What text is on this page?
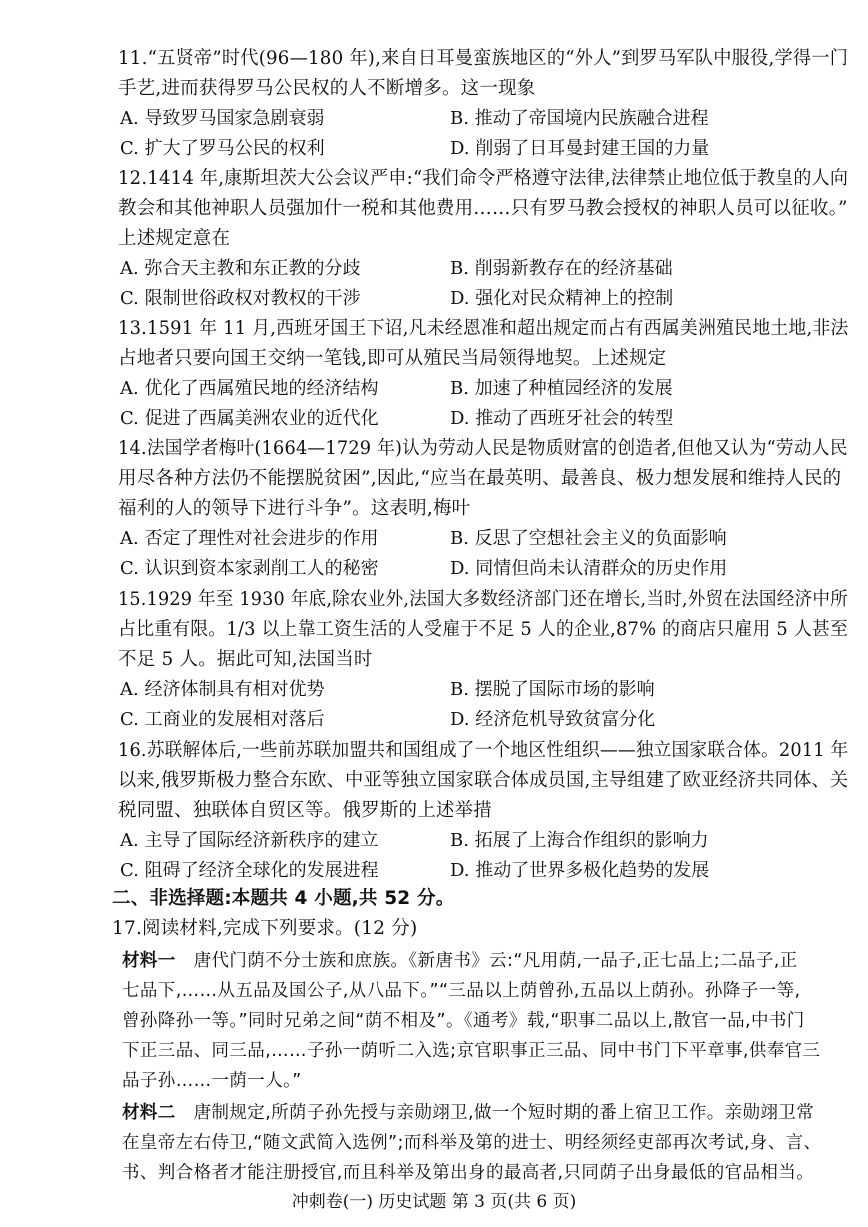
11.“五贤帝”时代(96—180 年),来自日耳曼蛮族地区的“外人”到罗马军队中服役,学得一门
手艺,进而获得罗马公民权的人不断增多。这一现象
A. 导致罗马国家急剧衰弱	B. 推动了帝国境内民族融合进程
C. 扩大了罗马公民的权利	D. 削弱了日耳曼封建王国的力量
12.1414 年,康斯坦茨大公会议严申:“我们命令严格遵守法律,法律禁止地位低于教皇的人向
教会和其他神职人员强加什一税和其他费用……只有罗马教会授权的神职人员可以征收。”
上述规定意在
A. 弥合天主教和东正教的分歧	B. 削弱新教存在的经济基础
C. 限制世俗政权对教权的干涉	D. 强化对民众精神上的控制
13.1591 年 11 月,西班牙国王下诏,凡未经恩准和超出规定而占有西属美洲殖民地土地,非法
占地者只要向国王交纳一笔钱,即可从殖民当局领得地契。上述规定
A. 优化了西属殖民地的经济结构	B. 加速了种植园经济的发展
C. 促进了西属美洲农业的近代化	D. 推动了西班牙社会的转型
14.法国学者梅叶(1664—1729 年)认为劳动人民是物质财富的创造者,但他又认为“劳动人民
用尽各种方法仍不能摆脱贫困”,因此,“应当在最英明、最善良、极力想发展和维持人民的
福利的人的领导下进行斗争”。这表明,梅叶
A. 否定了理性对社会进步的作用	B. 反思了空想社会主义的负面影响
C. 认识到资本家剥削工人的秘密	D. 同情但尚未认清群众的历史作用
15.1929 年至 1930 年底,除农业外,法国大多数经济部门还在增长,当时,外贸在法国经济中所
占比重有限。1/3 以上靠工资生活的人受雇于不足 5 人的企业,87% 的商店只雇用 5 人甚至
不足 5 人。据此可知,法国当时
A. 经济体制具有相对优势	B. 摆脱了国际市场的影响
C. 工商业的发展相对落后	D. 经济危机导致贫富分化
16.苏联解体后,一些前苏联加盟共和国组成了一个地区性组织——独立国家联合体。2011 年
以来,俄罗斯极力整合东欧、中亚等独立国家联合体成员国,主导组建了欧亚经济共同体、关
税同盟、独联体自贸区等。俄罗斯的上述举措
A. 主导了国际经济新秩序的建立	B. 拓展了上海合作组织的影响力
C. 阻碍了经济全球化的发展进程	D. 推动了世界多极化趋势的发展
二、非选择题:本题共 4 小题,共 52 分。
17.阅读材料,完成下列要求。(12 分)
材料一 唐代门荫不分士族和庶族。《新唐书》云:“凡用荫,一品子,正七品上;二品子,正
七品下,……从五品及国公子,从八品下。”“三品以上荫曾孙,五品以上荫孙。孙降子一等,
曾孙降孙一等。”同时兄弟之间“荫不相及”。《通考》载,“职事二品以上,散官一品,中书门
下正三品、同三品,……子孙一荫听二入选;京官职事正三品、同中书门下平章事,供奉官三
品子孙……一荫一人。”
材料二 唐制规定,所荫子孙先授与亲勋翊卫,做一个短时期的番上宿卫工作。亲勋翊卫常
在皇帝左右侍卫,“随文武简入选例”;而科举及第的进士、明经须经吏部再次考试,身、言、
书、判合格者才能注册授官,而且科举及第出身的最高者,只同荫子出身最低的官品相当。
冲刺卷(一) 历史试题 第 3 页(共 6 页)
